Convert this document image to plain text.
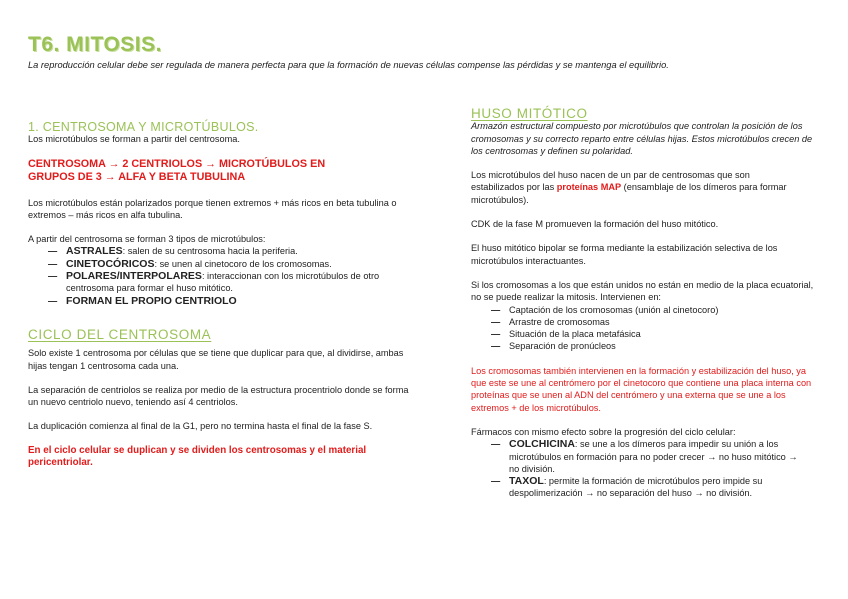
T6. MITOSIS.
La reproducción celular debe ser regulada de manera perfecta para que la formación de nuevas células compense las pérdidas y se mantenga el equilibrio.

1. CENTROSOMA Y MICROTÚBULOS.

Los microtúbulos se forman a partir del centrosoma.

CENTROSOMA → 2 CENTRIOLOS → MICROTÚBULOS EN GRUPOS DE 3 → ALFA Y BETA TUBULINA

Los microtúbulos están polarizados porque tienen extremos + más ricos en beta tubulina o extremos – más ricos en alfa tubulina.

A partir del centrosoma se forman 3 tipos de microtúbulos:

— ASTRALES: salen de su centrosoma hacia la periferia.
— CINETOCÓRICOS: se unen al cinetocoro de los cromosomas.
— POLARES/INTERPOLARES: interaccionan con los microtúbulos de otro centrosoma para formar el huso mitótico.
— FORMAN EL PROPIO CENTRIOLO

CICLO DEL CENTROSOMA

Solo existe 1 centrosoma por células que se tiene que duplicar para que, al dividirse, ambas hijas tengan 1 centrosoma cada una.

La separación de centriolos se realiza por medio de la estructura procentriolo donde se forma un nuevo centriolo nuevo, teniendo así 4 centriolos.

La duplicación comienza al final de la G1, pero no termina hasta el final de la fase S.

En el ciclo celular se duplican y se dividen los centrosomas y el material pericentriolar.

HUSO MITÓTICO

Armazón estructural compuesto por microtúbulos que controlan la posición de los cromosomas y su correcto reparto entre células hijas. Estos microtúbulos crecen de los centrosomas y definen su polaridad.

Los microtúbulos del huso nacen de un par de centrosomas que son estabilizados por las proteínas MAP (ensamblaje de los dímeros para formar microtúbulos).

CDK de la fase M promueven la formación del huso mitótico.

El huso mitótico bipolar se forma mediante la estabilización selectiva de los microtúbulos interactuantes.

Si los cromosomas a los que están unidos no están en medio de la placa ecuatorial, no se puede realizar la mitosis. Intervienen en:

— Captación de los cromosomas (unión al cinetocoro)
— Arrastre de cromosomas
— Situación de la placa metafásica
— Separación de pronúcleos

Los cromosomas también intervienen en la formación y estabilización del huso, ya que este se une al centrómero por el cinetocoro que contiene una placa interna con proteínas que se unen al ADN del centrómero y una externa que se une a los extremos + de los microtúbulos.

Fármacos con mismo efecto sobre la progresión del ciclo celular:

— COLCHICINA: se une a los dímeros para impedir su unión a los microtúbulos en formación para no poder crecer → no huso mitótico → no división.
— TAXOL: permite la formación de microtúbulos pero impide su despolimerización → no separación del huso → no división.
